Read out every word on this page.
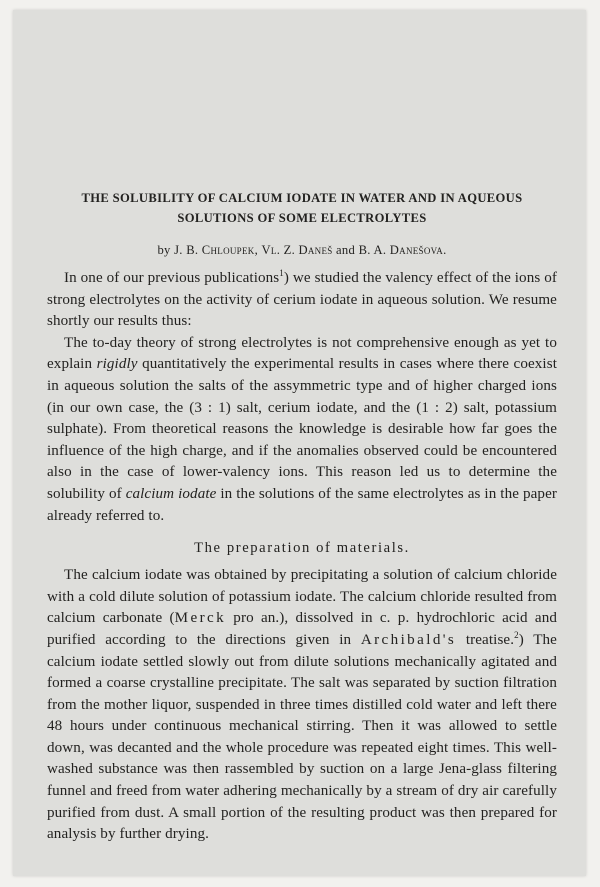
THE SOLUBILITY OF CALCIUM IODATE IN WATER AND IN AQUEOUS SOLUTIONS OF SOME ELECTROLYTES
by J. B. Chloupek, Vl. Z. Daneš and B. A. Danešova.

In one of our previous publications$^1$) we studied the valency effect of the ions of strong electrolytes on the activity of cerium iodate in aqueous solution. We resume shortly our results thus:

The to-day theory of strong electrolytes is not comprehensive enough as yet to explain rigidly quantitatively the experimental results in cases where there coexist in aqueous solution the salts of the assymmetric type and of higher charged ions (in our own case, the (3 : 1) salt, cerium iodate, and the (1 : 2) salt, potassium sulphate). From theoretical reasons the knowledge is desirable how far goes the influence of the high charge, and if the anomalies observed could be encountered also in the case of lower-valency ions. This reason led us to determine the solubility of calcium iodate in the solutions of the same electrolytes as in the paper already referred to.

The preparation of materials.

The calcium iodate was obtained by precipitating a solution of calcium chloride with a cold dilute solution of potassium iodate. The calcium chloride resulted from calcium carbonate (Merck pro an.), dissolved in c. p. hydrochloric acid and purified according to the directions given in Archibald's treatise.$^2$) The calcium iodate settled slowly out from dilute solutions mechanically agitated and formed a coarse crystalline precipitate. The salt was separated by suction filtration from the mother liquor, suspended in three times distilled cold water and left there 48 hours under continuous mechanical stirring. Then it was allowed to settle down, was decanted and the whole procedure was repeated eight times. This well-washed substance was then rassembled by suction on a large Jena-glass filtering funnel and freed from water adhering mechanically by a stream of dry air carefully purified from dust. A small portion of the resulting product was then prepared for analysis by further drying.
